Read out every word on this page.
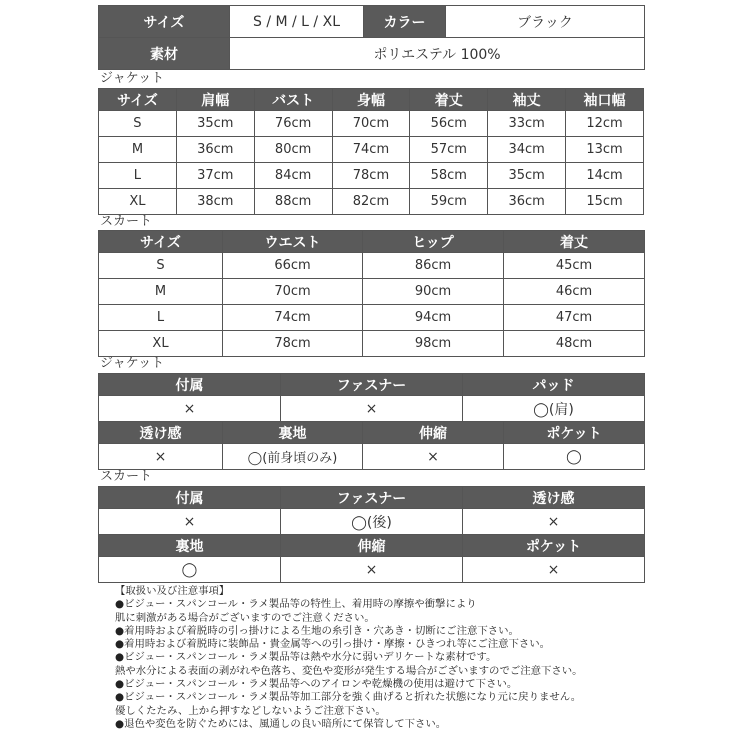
サイズ	S / M / L / XL	カラー	ブラック
素材	ポリエステル 100%		
ジャケット
サイズ	肩幅	バスト	身幅	着丈	袖丈	袖口幅
S	35cm	76cm	70cm	56cm	33cm	12cm
M	36cm	80cm	74cm	57cm	34cm	13cm
L	37cm	84cm	78cm	58cm	35cm	14cm
XL	38cm	88cm	82cm	59cm	36cm	15cm
スカート
サイズ	ウエスト	ヒップ	着丈
S	66cm	86cm	45cm
M	70cm	90cm	46cm
L	74cm	94cm	47cm
XL	78cm	98cm	48cm
ジャケット
付属	ファスナー	パッド
×	×	◯(肩)
透け感	裏地	伸縮	ポケット
×	◯(前身頃のみ)	×	◯
スカート
付属	ファスナー	透け感
×	◯(後)	×
裏地	伸縮	ポケット
◯	×	×
【取扱い及び注意事項】
●ビジュー・スパンコール・ラメ製品等の特性上、着用時の摩擦や衝撃により
肌に刺激がある場合がございますのでご注意ください。
●着用時および着脱時の引っ掛けによる生地の糸引き・穴あき・切断にご注意下さい。
●着用時および着脱時に装飾品・貴金属等への引っ掛け・摩擦・ひきつれ等にご注意下さい。
●ビジュー・スパンコール・ラメ製品等は熱や水分に弱いデリケートな素材です。
熱や水分による表面の剥がれや色落ち、変色や変形が発生する場合がございますのでご注意下さい。
●ビジュー・スパンコール・ラメ製品等へのアイロンや乾燥機の使用は避けて下さい。
●ビジュー・スパンコール・ラメ製品等加工部分を強く曲げると折れた状態になり元に戻りません。
優しくたたみ、上から押すなどしないようご注意下さい。
●退色や変色を防ぐためには、風通しの良い暗所にて保管して下さい。
